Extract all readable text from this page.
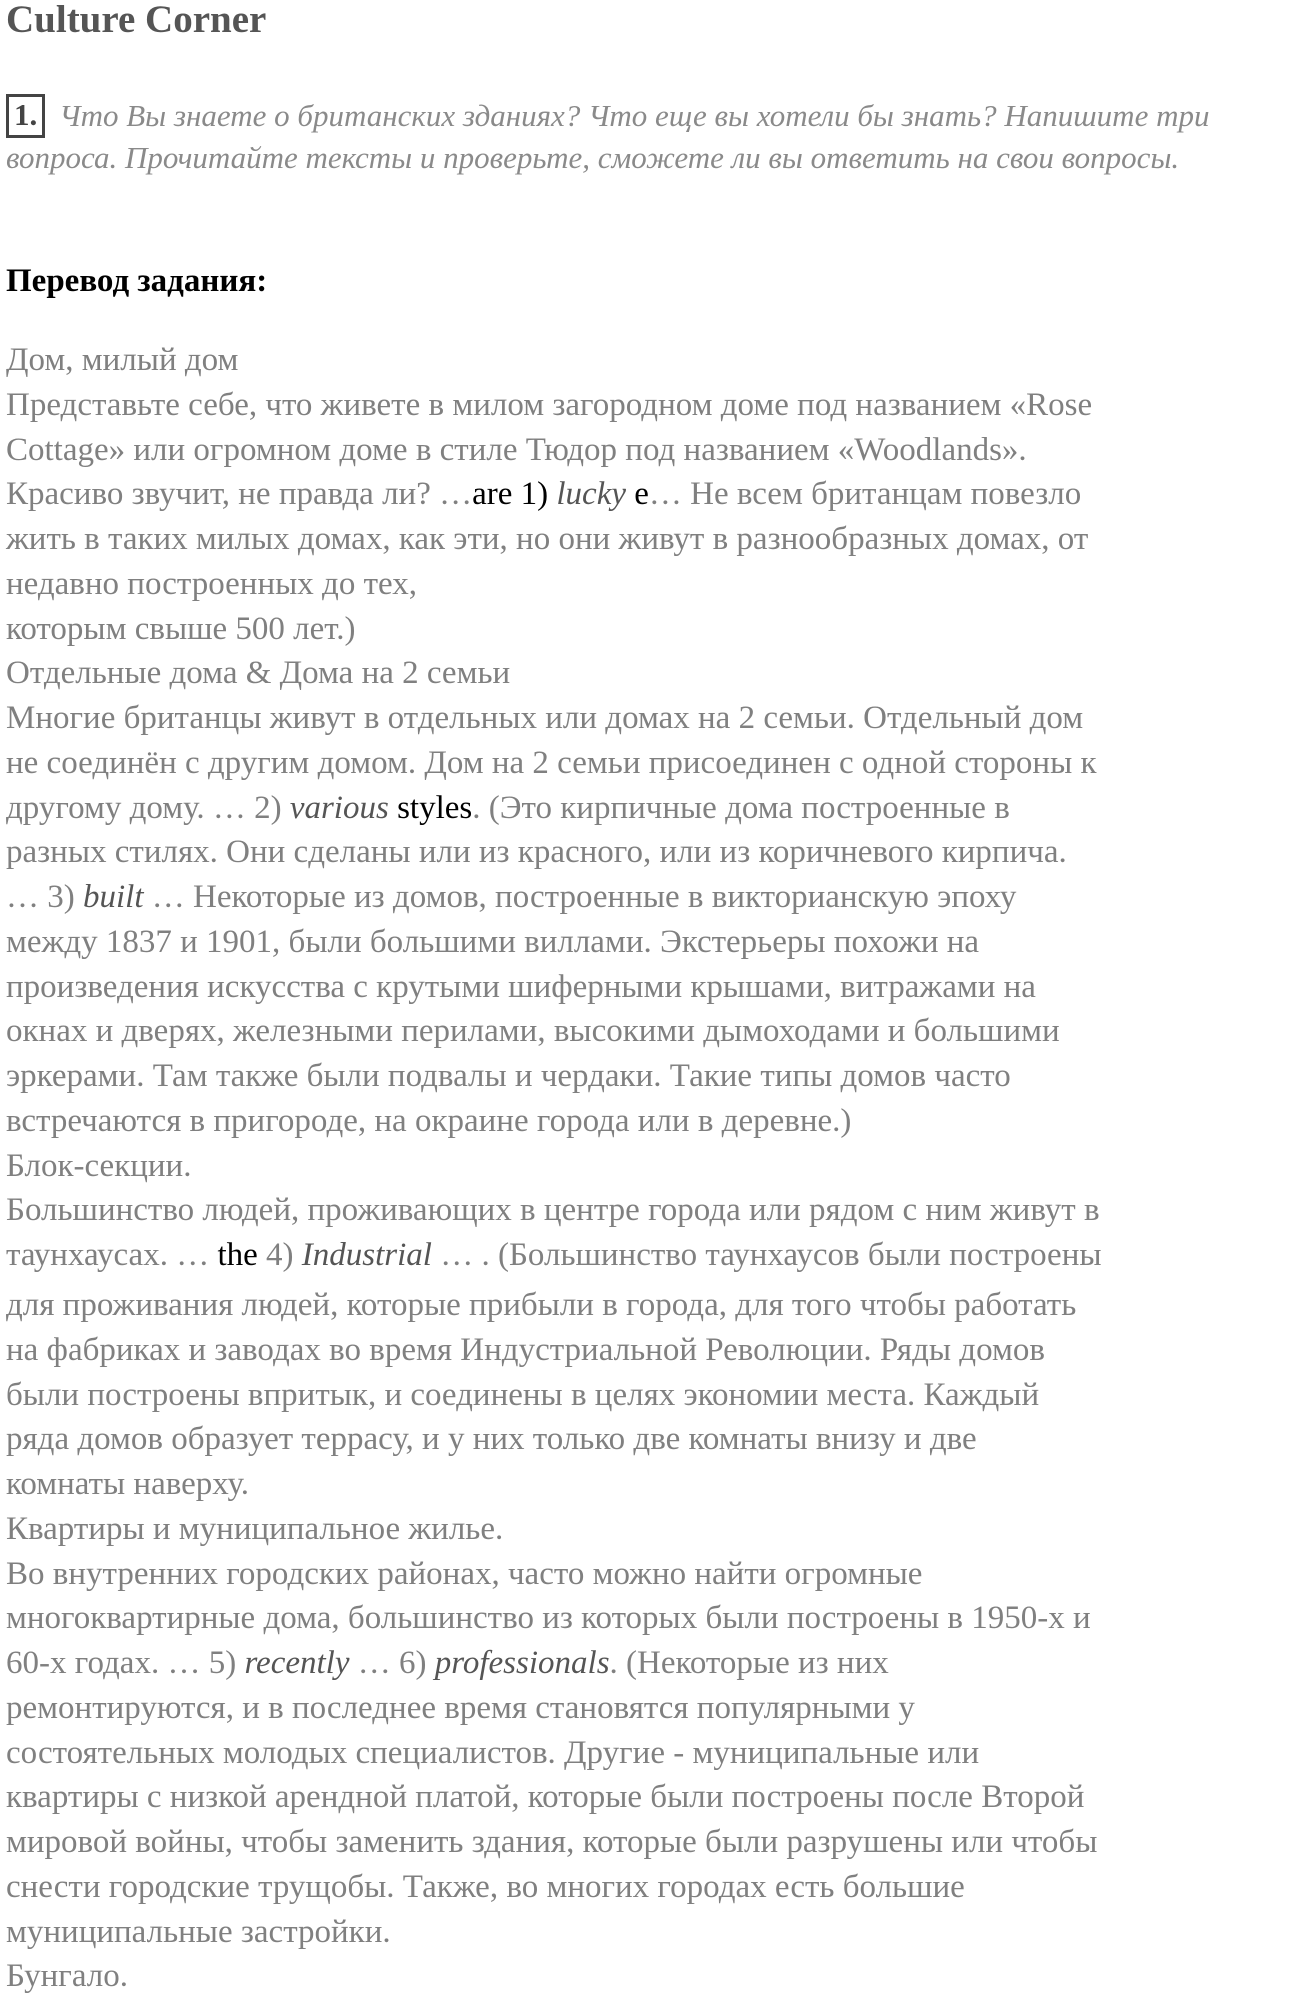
Culture Corner
1. Что Вы знаете о британских зданиях? Что еще вы хотели бы знать? Напишите три вопроса. Прочитайте тексты и проверьте, сможете ли вы ответить на свои вопросы.
Перевод задания:
Дом, милый дом
Представьте себе, что живете в милом загородном доме под названием «Rose
Cottage» или огромном доме в стиле Тюдор под названием «Woodlands».
Красиво звучит, не правда ли? …are 1) lucky e… Не всем британцам повезло
жить в таких милых домах, как эти, но они живут в разнообразных домах, от
недавно построенных до тех,
которым свыше 500 лет.)
Отдельные дома & Дома на 2 семьи
Многие британцы живут в отдельных или домах на 2 семьи. Отдельный дом
не соединён с другим домом. Дом на 2 семьи присоединен с одной стороны к
другому дому. … 2) various styles. (Это кирпичные дома построенные в
разных стилях. Они сделаны или из красного, или из коричневого кирпича.
… 3) built … Некоторые из домов, построенные в викторианскую эпоху
между 1837 и 1901, были большими виллами. Экстерьеры похожи на
произведения искусства с крутыми шиферными крышами, витражами на
окнах и дверях, железными перилами, высокими дымоходами и большими
эркерами. Там также были подвалы и чердаки. Такие типы домов часто
встречаются в пригороде, на окраине города или в деревне.)
Блок-секции.
Большинство людей, проживающих в центре города или рядом с ним живут в
таунхаусах. … the 4) Industrial … . (Большинство таунхаусов были построены
для проживания людей, которые прибыли в города, для того чтобы работать
на фабриках и заводах во время Индустриальной Революции. Ряды домов
были построены впритык, и соединены в целях экономии места. Каждый
ряда домов образует террасу, и у них только две комнаты внизу и две
комнаты наверху.
Квартиры и муниципальное жилье.
Во внутренних городских районах, часто можно найти огромные
многоквартирные дома, большинство из которых были построены в 1950-х и
60-х годах. … 5) recently … 6) professionals. (Некоторые из них
ремонтируются, и в последнее время становятся популярными у
состоятельных молодых специалистов. Другие - муниципальные или
квартиры с низкой арендной платой, которые были построены после Второй
мировой войны, чтобы заменить здания, которые были разрушены или чтобы
снести городские трущобы. Также, во многих городах есть большие
муниципальные застройки.
Бунгало.
